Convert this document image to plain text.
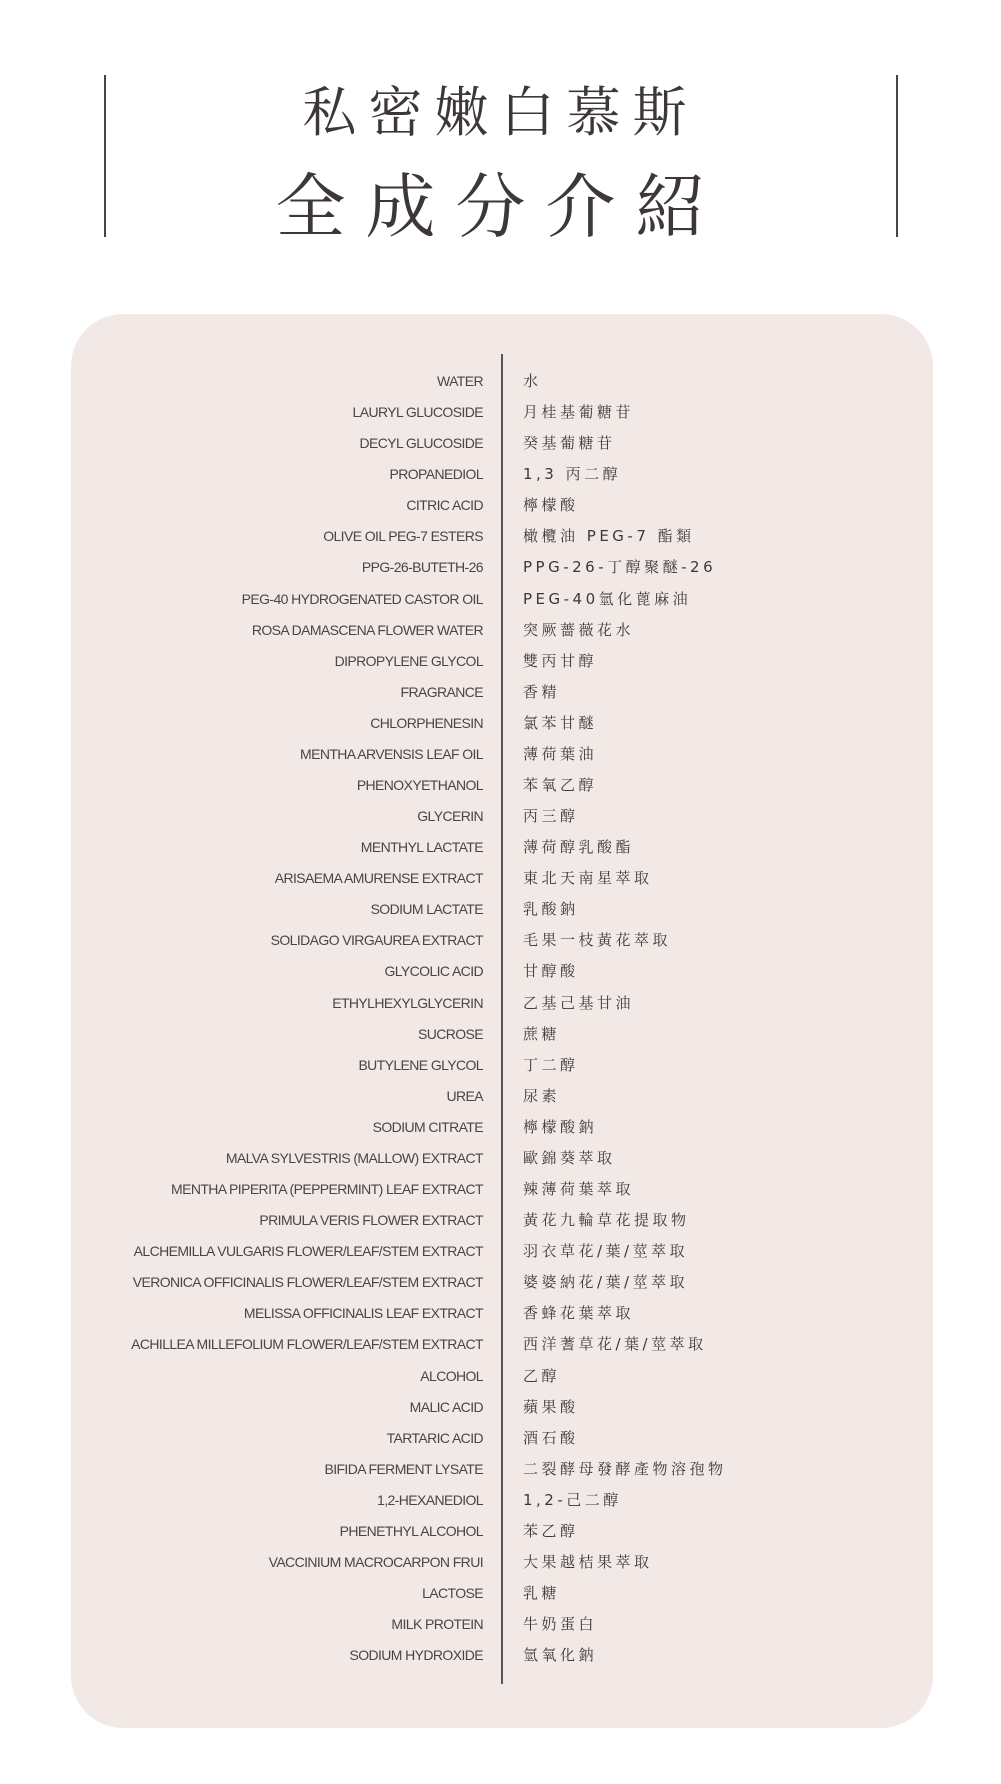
私密嫩白慕斯
全成分介紹
WATER	水
LAURYL GLUCOSIDE	月桂基葡糖苷
DECYL GLUCOSIDE	癸基葡糖苷
PROPANEDIOL	1,3 丙二醇
CITRIC ACID	檸檬酸
OLIVE OIL PEG-7 ESTERS	橄欖油 PEG-7 酯類
PPG-26-BUTETH-26	PPG-26-丁醇聚醚-26
PEG-40 HYDROGENATED CASTOR OIL	PEG-40氫化蓖麻油
ROSA DAMASCENA FLOWER WATER	突厥薔薇花水
DIPROPYLENE GLYCOL	雙丙甘醇
FRAGRANCE	香精
CHLORPHENESIN	氯苯甘醚
MENTHA ARVENSIS LEAF OIL	薄荷葉油
PHENOXYETHANOL	苯氧乙醇
GLYCERIN	丙三醇
MENTHYL LACTATE	薄荷醇乳酸酯
ARISAEMA AMURENSE EXTRACT	東北天南星萃取
SODIUM LACTATE	乳酸鈉
SOLIDAGO VIRGAUREA EXTRACT	毛果一枝黃花萃取
GLYCOLIC ACID	甘醇酸
ETHYLHEXYLGLYCERIN	乙基己基甘油
SUCROSE	蔗糖
BUTYLENE GLYCOL	丁二醇
UREA	尿素
SODIUM CITRATE	檸檬酸鈉
MALVA SYLVESTRIS (MALLOW) EXTRACT	歐錦葵萃取
MENTHA PIPERITA (PEPPERMINT) LEAF EXTRACT	辣薄荷葉萃取
PRIMULA VERIS FLOWER EXTRACT	黃花九輪草花提取物
ALCHEMILLA VULGARIS FLOWER/LEAF/STEM EXTRACT	羽衣草花/葉/莖萃取
VERONICA OFFICINALIS FLOWER/LEAF/STEM EXTRACT	婆婆納花/葉/莖萃取
MELISSA OFFICINALIS LEAF EXTRACT	香蜂花葉萃取
ACHILLEA MILLEFOLIUM FLOWER/LEAF/STEM EXTRACT	西洋蓍草花/葉/莖萃取
ALCOHOL	乙醇
MALIC ACID	蘋果酸
TARTARIC ACID	酒石酸
BIFIDA FERMENT LYSATE	二裂酵母發酵產物溶孢物
1,2-HEXANEDIOL	1,2-己二醇
PHENETHYL ALCOHOL	苯乙醇
VACCINIUM MACROCARPON FRUI	大果越桔果萃取
LACTOSE	乳糖
MILK PROTEIN	牛奶蛋白
SODIUM HYDROXIDE	氫氧化鈉
